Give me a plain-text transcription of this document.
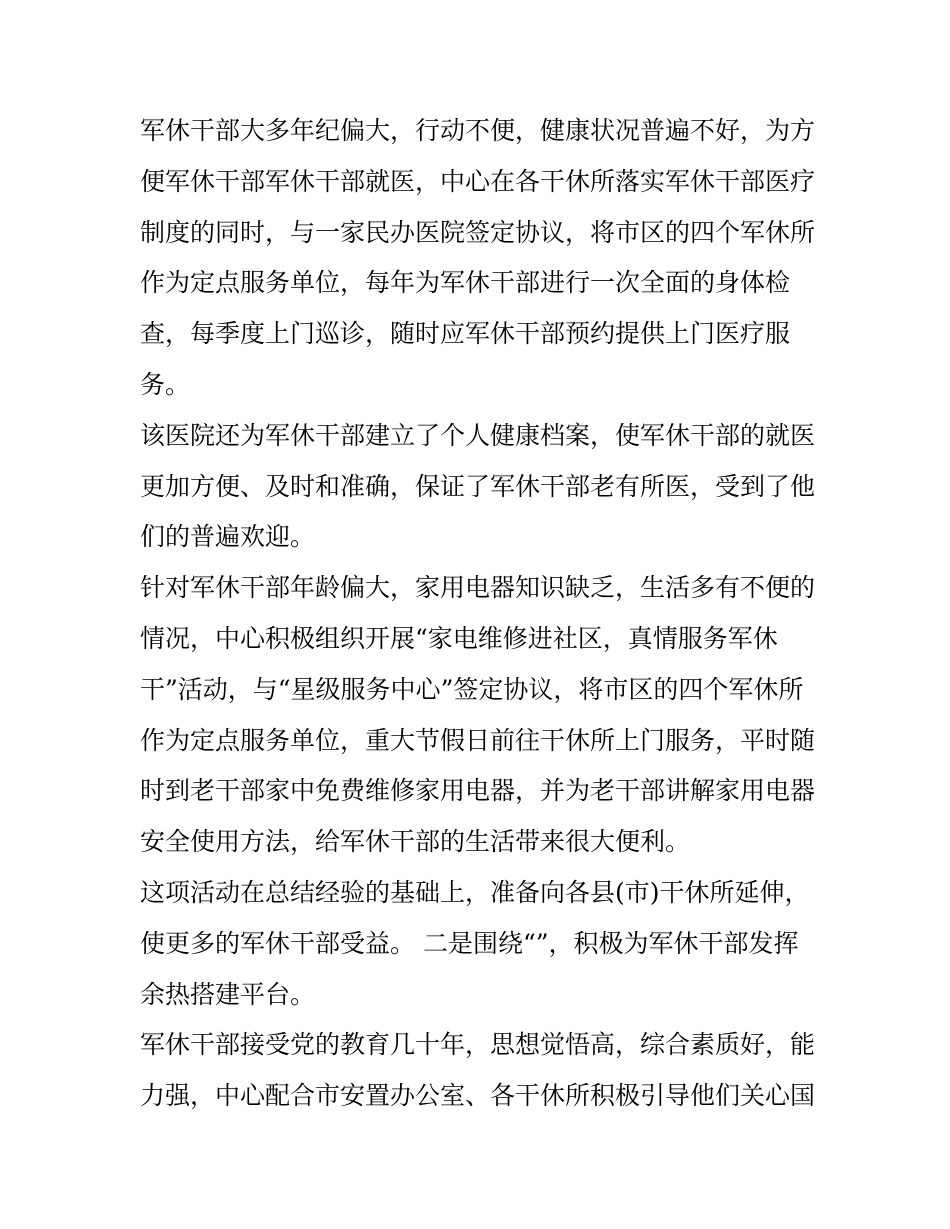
军休干部大多年纪偏大，行动不便，健康状况普遍不好，为方
便军休干部军休干部就医，中心在各干休所落实军休干部医疗
制度的同时，与一家民办医院签定协议，将市区的四个军休所
作为定点服务单位，每年为军休干部进行一次全面的身体检
查，每季度上门巡诊，随时应军休干部预约提供上门医疗服
务。
该医院还为军休干部建立了个人健康档案，使军休干部的就医
更加方便、及时和准确，保证了军休干部老有所医，受到了他
们的普遍欢迎。
针对军休干部年龄偏大，家用电器知识缺乏，生活多有不便的
情况，中心积极组织开展“家电维修进社区，真情服务军休
干”活动，与“星级服务中心”签定协议，将市区的四个军休所
作为定点服务单位，重大节假日前往干休所上门服务，平时随
时到老干部家中免费维修家用电器，并为老干部讲解家用电器
安全使用方法，给军休干部的生活带来很大便利。
这项活动在总结经验的基础上，准备向各县(市)干休所延伸，
使更多的军休干部受益。 二是围绕“”，积极为军休干部发挥
余热搭建平台。
军休干部接受党的教育几十年，思想觉悟高，综合素质好，能
力强，中心配合市安置办公室、各干休所积极引导他们关心国
